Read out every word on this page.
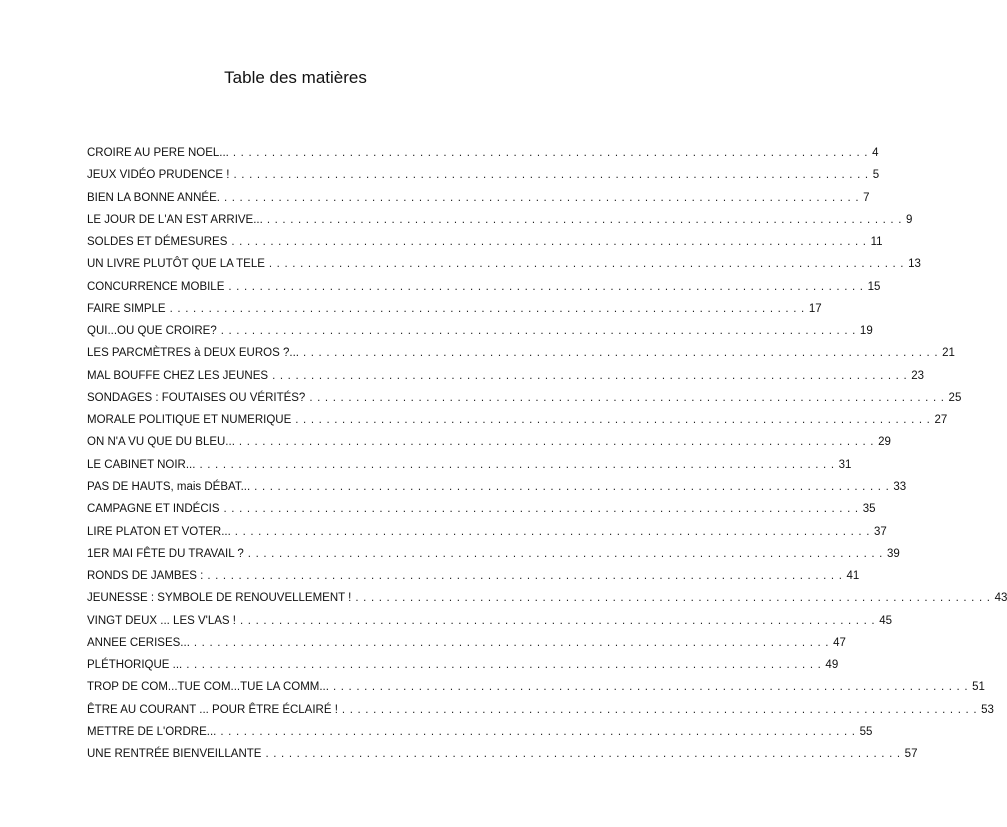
Table des matières
CROIRE AU PERE NOEL... .................................................................................. 4
JEUX VIDÉO PRUDENCE ! .................................................................................. 5
BIEN LA BONNE ANNÉE. .................................................................................. 7
LE JOUR DE L'AN EST ARRIVE... .................................................................................. 9
SOLDES ET DÉMESURES .................................................................................. 11
UN LIVRE PLUTÔT QUE LA TELE .................................................................................. 13
CONCURRENCE MOBILE .................................................................................. 15
FAIRE SIMPLE .................................................................................. 17
QUI...OU QUE CROIRE? .................................................................................. 19
LES PARCMÈTRES à DEUX EUROS ?... .................................................................................. 21
MAL BOUFFE CHEZ LES JEUNES .................................................................................. 23
SONDAGES : FOUTAISES OU VÉRITÉS? .................................................................................. 25
MORALE POLITIQUE ET NUMERIQUE .................................................................................. 27
ON N'A VU QUE DU BLEU... .................................................................................. 29
LE CABINET NOIR... .................................................................................. 31
PAS DE HAUTS, mais DÉBAT... .................................................................................. 33
CAMPAGNE ET INDÉCIS .................................................................................. 35
LIRE PLATON ET VOTER... .................................................................................. 37
1ER MAI FÊTE DU TRAVAIL ? .................................................................................. 39
RONDS DE JAMBES : .................................................................................. 41
JEUNESSE : SYMBOLE DE RENOUVELLEMENT ! .................................................................................. 43
VINGT DEUX ... LES V'LAS ! .................................................................................. 45
ANNEE CERISES... .................................................................................. 47
PLÉTHORIQUE ... .................................................................................. 49
TROP DE COM...TUE COM...TUE LA COMM... .................................................................................. 51
ÊTRE AU COURANT ... POUR ÊTRE ÉCLAIRÉ ! .................................................................................. 53
METTRE DE L'ORDRE... .................................................................................. 55
UNE RENTRÉE BIENVEILLANTE .................................................................................. 57
